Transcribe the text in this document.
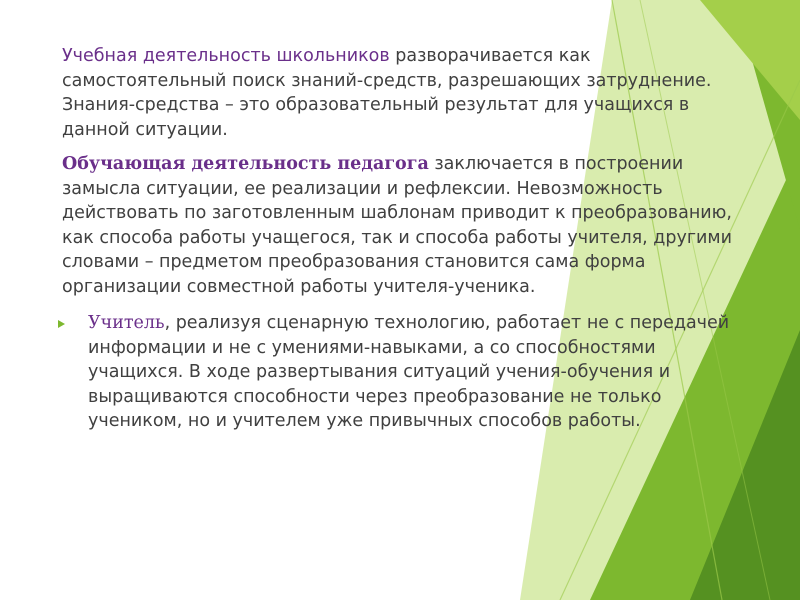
Учебная деятельность школьников разворачивается как самостоятельный поиск знаний-средств, разрешающих затруднение. Знания-средства – это образовательный результат для учащихся в данной ситуации.

Обучающая деятельность педагога заключается в построении замысла ситуации, ее реализации и рефлексии. Невозможность действовать по заготовленным шаблонам приводит к преобразованию, как способа работы учащегося, так и способа работы учителя, другими словами – предметом преобразования становится сама форма организации совместной работы учителя-ученика.

Учитель, реализуя сценарную технологию, работает не с передачей информации и не с умениями-навыками, а со способностями учащихся. В ходе развертывания ситуаций учения-обучения и выращиваются способности через преобразование не только учеником, но и учителем уже привычных способов работы.
